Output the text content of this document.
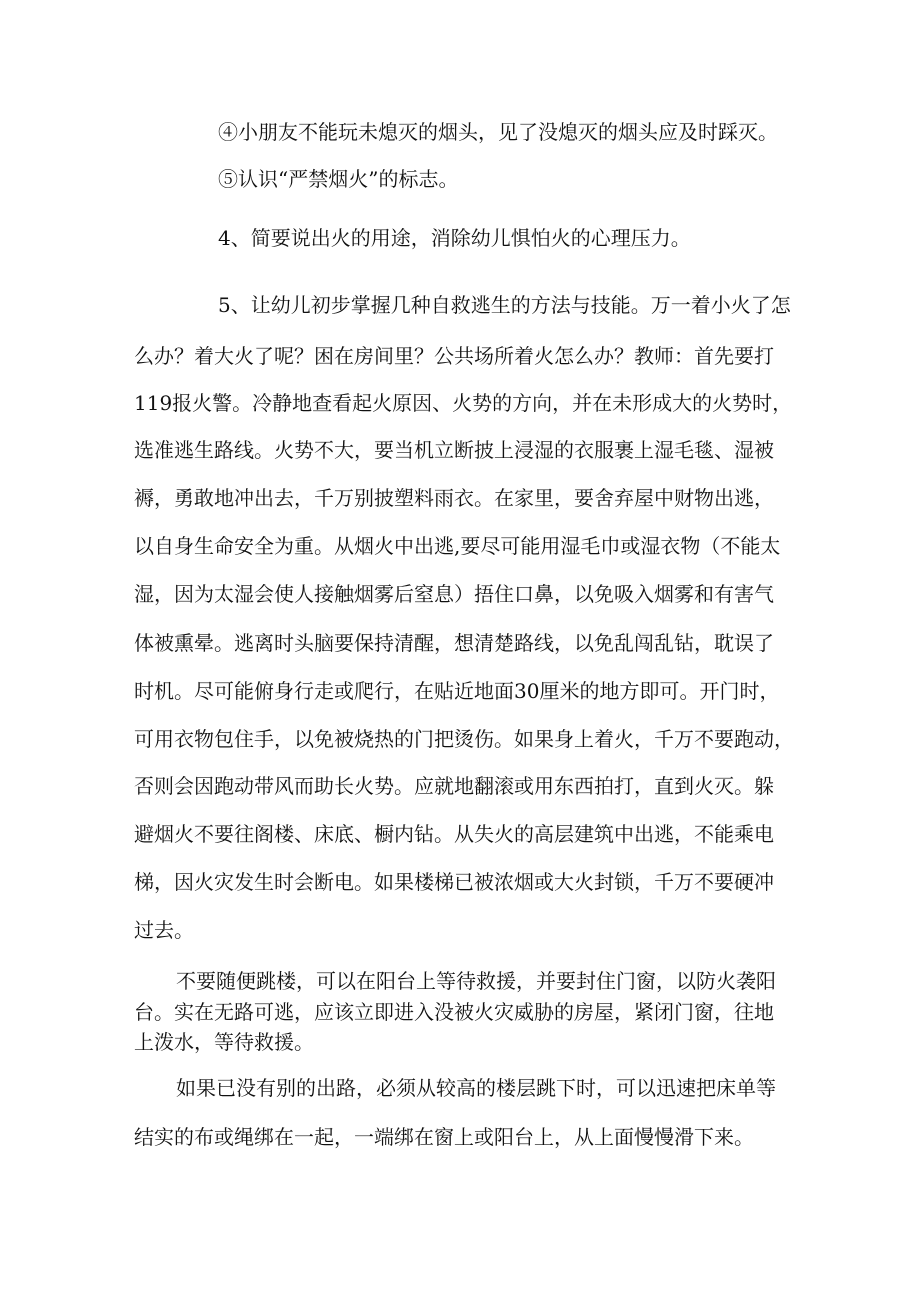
④小朋友不能玩未熄灭的烟头，见了没熄灭的烟头应及时踩灭。
⑤认识“严禁烟火”的标志。
4、简要说出火的用途，消除幼儿惧怕火的心理压力。
5、让幼儿初步掌握几种自救逃生的方法与技能。万一着小火了怎
么办？着大火了呢？困在房间里？公共场所着火怎么办？教师：首先要打
119报火警。冷静地查看起火原因、火势的方向，并在未形成大的火势时，
选准逃生路线。火势不大，要当机立断披上浸湿的衣服裹上湿毛毯、湿被
褥，勇敢地冲出去，千万别披塑料雨衣。在家里，要舍弃屋中财物出逃，
以自身生命安全为重。从烟火中出逃,要尽可能用湿毛巾或湿衣物（不能太
湿，因为太湿会使人接触烟雾后窒息）捂住口鼻，以免吸入烟雾和有害气
体被熏晕。逃离时头脑要保持清醒，想清楚路线，以免乱闯乱钻，耽误了
时机。尽可能俯身行走或爬行，在贴近地面30厘米的地方即可。开门时，
可用衣物包住手，以免被烧热的门把烫伤。如果身上着火，千万不要跑动，
否则会因跑动带风而助长火势。应就地翻滚或用东西拍打，直到火灭。躲
避烟火不要往阁楼、床底、橱内钻。从失火的高层建筑中出逃，不能乘电
梯，因火灾发生时会断电。如果楼梯已被浓烟或大火封锁，千万不要硬冲
过去。
不要随便跳楼，可以在阳台上等待救援，并要封住门窗，以防火袭阳
台。实在无路可逃，应该立即进入没被火灾威胁的房屋，紧闭门窗，往地
上泼水，等待救援。
如果已没有别的出路，必须从较高的楼层跳下时，可以迅速把床单等
结实的布或绳绑在一起，一端绑在窗上或阳台上，从上面慢慢滑下来。
